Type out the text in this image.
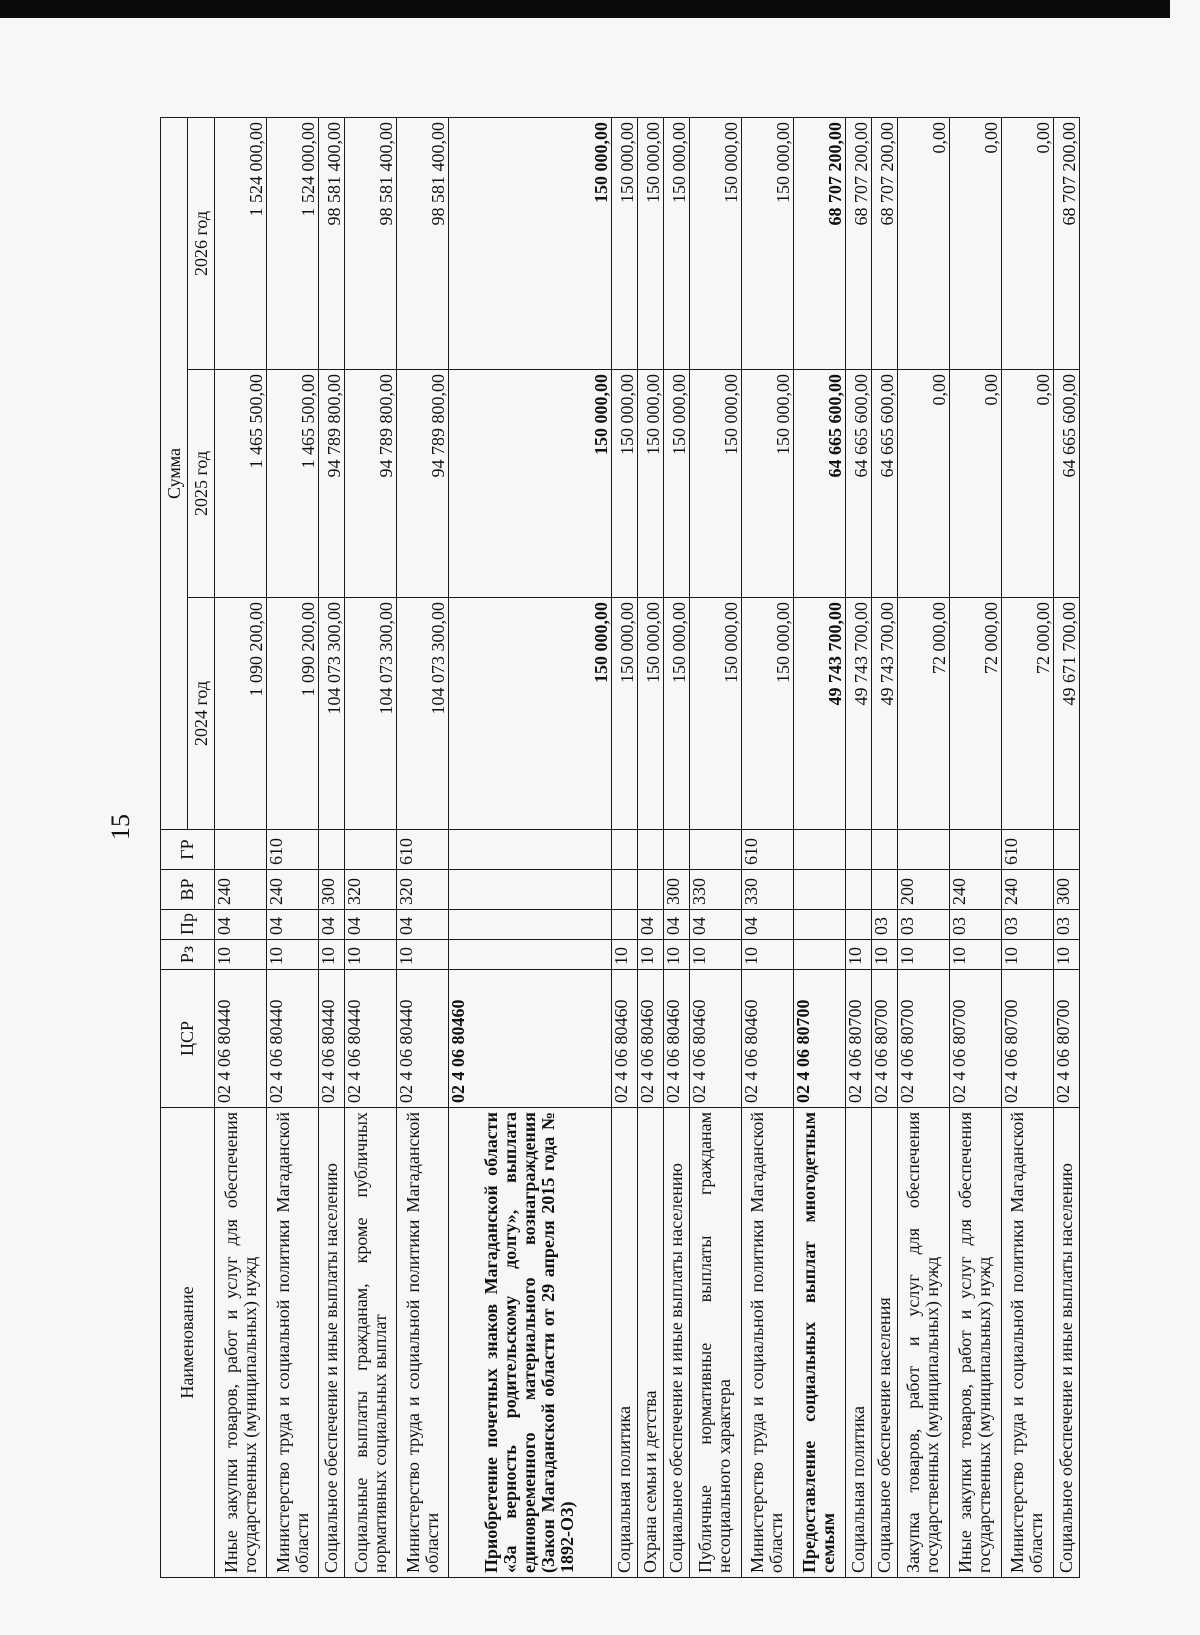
15
Наименование	ЦСР	Рз	Пр	ВР	ГР	Сумма		
						2024 год	2025 год	2026 год
Иные закупки товаров, работ и услуг для обеспечения государственных (муниципальных) нужд	02 4 06 80440	10	04	240		1 090 200,00	1 465 500,00	1 524 000,00
Министерство труда и социальной политики Магаданской области	02 4 06 80440	10	04	240	610	1 090 200,00	1 465 500,00	1 524 000,00
Социальное обеспечение и иные выплаты населению	02 4 06 80440	10	04	300		104 073 300,00	94 789 800,00	98 581 400,00
Социальные выплаты гражданам, кроме публичных нормативных социальных выплат	02 4 06 80440	10	04	320		104 073 300,00	94 789 800,00	98 581 400,00
Министерство труда и социальной политики Магаданской области	02 4 06 80440	10	04	320	610	104 073 300,00	94 789 800,00	98 581 400,00
Приобретение почетных знаков Магаданской области «За верность родительскому долгу», выплата единовременного материального вознаграждения (Закон Магаданской области от 29 апреля 2015 года № 1892-ОЗ)	02 4 06 80460					150 000,00	150 000,00	150 000,00
Социальная политика	02 4 06 80460	10				150 000,00	150 000,00	150 000,00
Охрана семьи и детства	02 4 06 80460	10	04			150 000,00	150 000,00	150 000,00
Социальное обеспечение и иные выплаты населению	02 4 06 80460	10	04	300		150 000,00	150 000,00	150 000,00
Публичные нормативные выплаты гражданам несоциального характера	02 4 06 80460	10	04	330		150 000,00	150 000,00	150 000,00
Министерство труда и социальной политики Магаданской области	02 4 06 80460	10	04	330	610	150 000,00	150 000,00	150 000,00
Предоставление социальных выплат многодетным семьям	02 4 06 80700					49 743 700,00	64 665 600,00	68 707 200,00
Социальная политика	02 4 06 80700	10				49 743 700,00	64 665 600,00	68 707 200,00
Социальное обеспечение населения	02 4 06 80700	10	03			49 743 700,00	64 665 600,00	68 707 200,00
Закупка товаров, работ и услуг для обеспечения государственных (муниципальных) нужд	02 4 06 80700	10	03	200		72 000,00	0,00	0,00
Иные закупки товаров, работ и услуг для обеспечения государственных (муниципальных) нужд	02 4 06 80700	10	03	240		72 000,00	0,00	0,00
Министерство труда и социальной политики Магаданской области	02 4 06 80700	10	03	240	610	72 000,00	0,00	0,00
Социальное обеспечение и иные выплаты населению	02 4 06 80700	10	03	300		49 671 700,00	64 665 600,00	68 707 200,00
